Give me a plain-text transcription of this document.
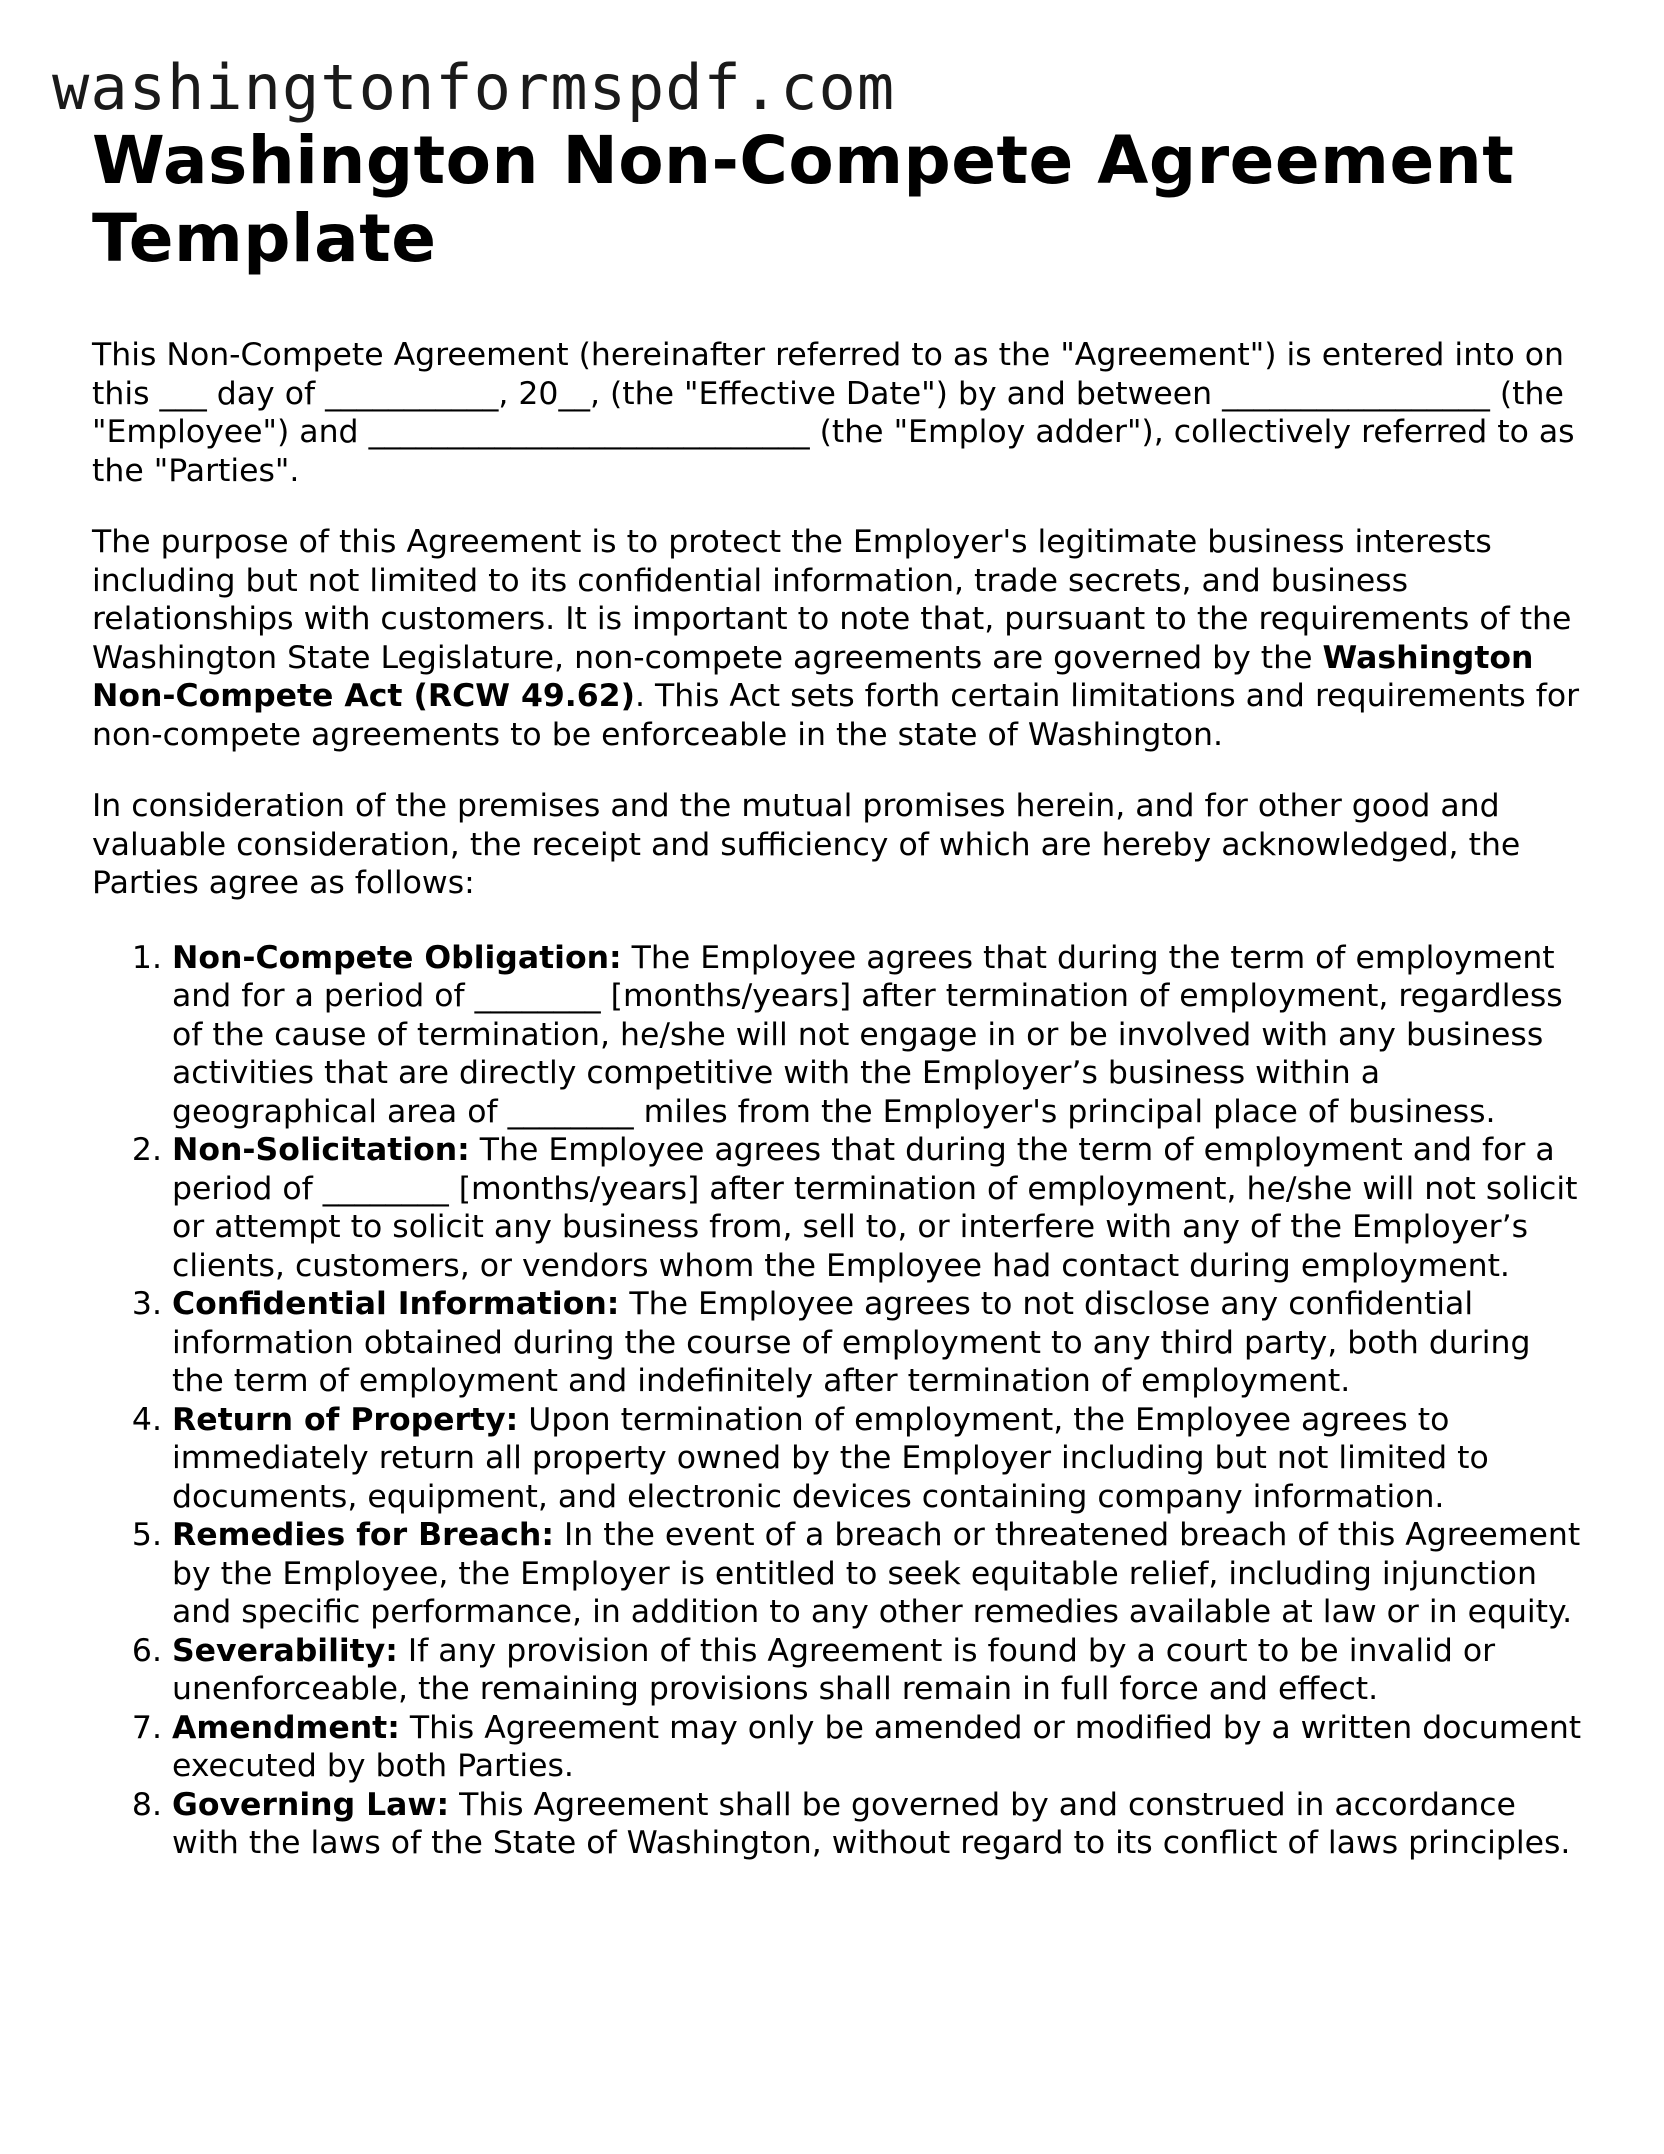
washingtonformspdf.com
Washington Non-Compete Agreement Template

This Non-Compete Agreement (hereinafter referred to as the "Agreement") is entered into on this ___ day of ___________, 20__, (the "Effective Date") by and between _________________ (the "Employee") and ____________________________ (the "Employ adder"), collectively referred to as the "Parties".

The purpose of this Agreement is to protect the Employer's legitimate business interests including but not limited to its confidential information, trade secrets, and business relationships with customers. It is important to note that, pursuant to the requirements of the Washington State Legislature, non-compete agreements are governed by the Washington Non-Compete Act (RCW 49.62). This Act sets forth certain limitations and requirements for non-compete agreements to be enforceable in the state of Washington.

In consideration of the premises and the mutual promises herein, and for other good and valuable consideration, the receipt and sufficiency of which are hereby acknowledged, the Parties agree as follows:

1. Non-Compete Obligation: The Employee agrees that during the term of employment and for a period of ________ [months/years] after termination of employment, regardless of the cause of termination, he/she will not engage in or be involved with any business activities that are directly competitive with the Employer’s business within a geographical area of ________ miles from the Employer's principal place of business.
2. Non-Solicitation: The Employee agrees that during the term of employment and for a period of ________ [months/years] after termination of employment, he/she will not solicit or attempt to solicit any business from, sell to, or interfere with any of the Employer’s clients, customers, or vendors whom the Employee had contact during employment.
3. Confidential Information: The Employee agrees to not disclose any confidential information obtained during the course of employment to any third party, both during the term of employment and indefinitely after termination of employment.
4. Return of Property: Upon termination of employment, the Employee agrees to immediately return all property owned by the Employer including but not limited to documents, equipment, and electronic devices containing company information.
5. Remedies for Breach: In the event of a breach or threatened breach of this Agreement by the Employee, the Employer is entitled to seek equitable relief, including injunction and specific performance, in addition to any other remedies available at law or in equity.
6. Severability: If any provision of this Agreement is found by a court to be invalid or unenforceable, the remaining provisions shall remain in full force and effect.
7. Amendment: This Agreement may only be amended or modified by a written document executed by both Parties.
8. Governing Law: This Agreement shall be governed by and construed in accordance with the laws of the State of Washington, without regard to its conflict of laws principles.
